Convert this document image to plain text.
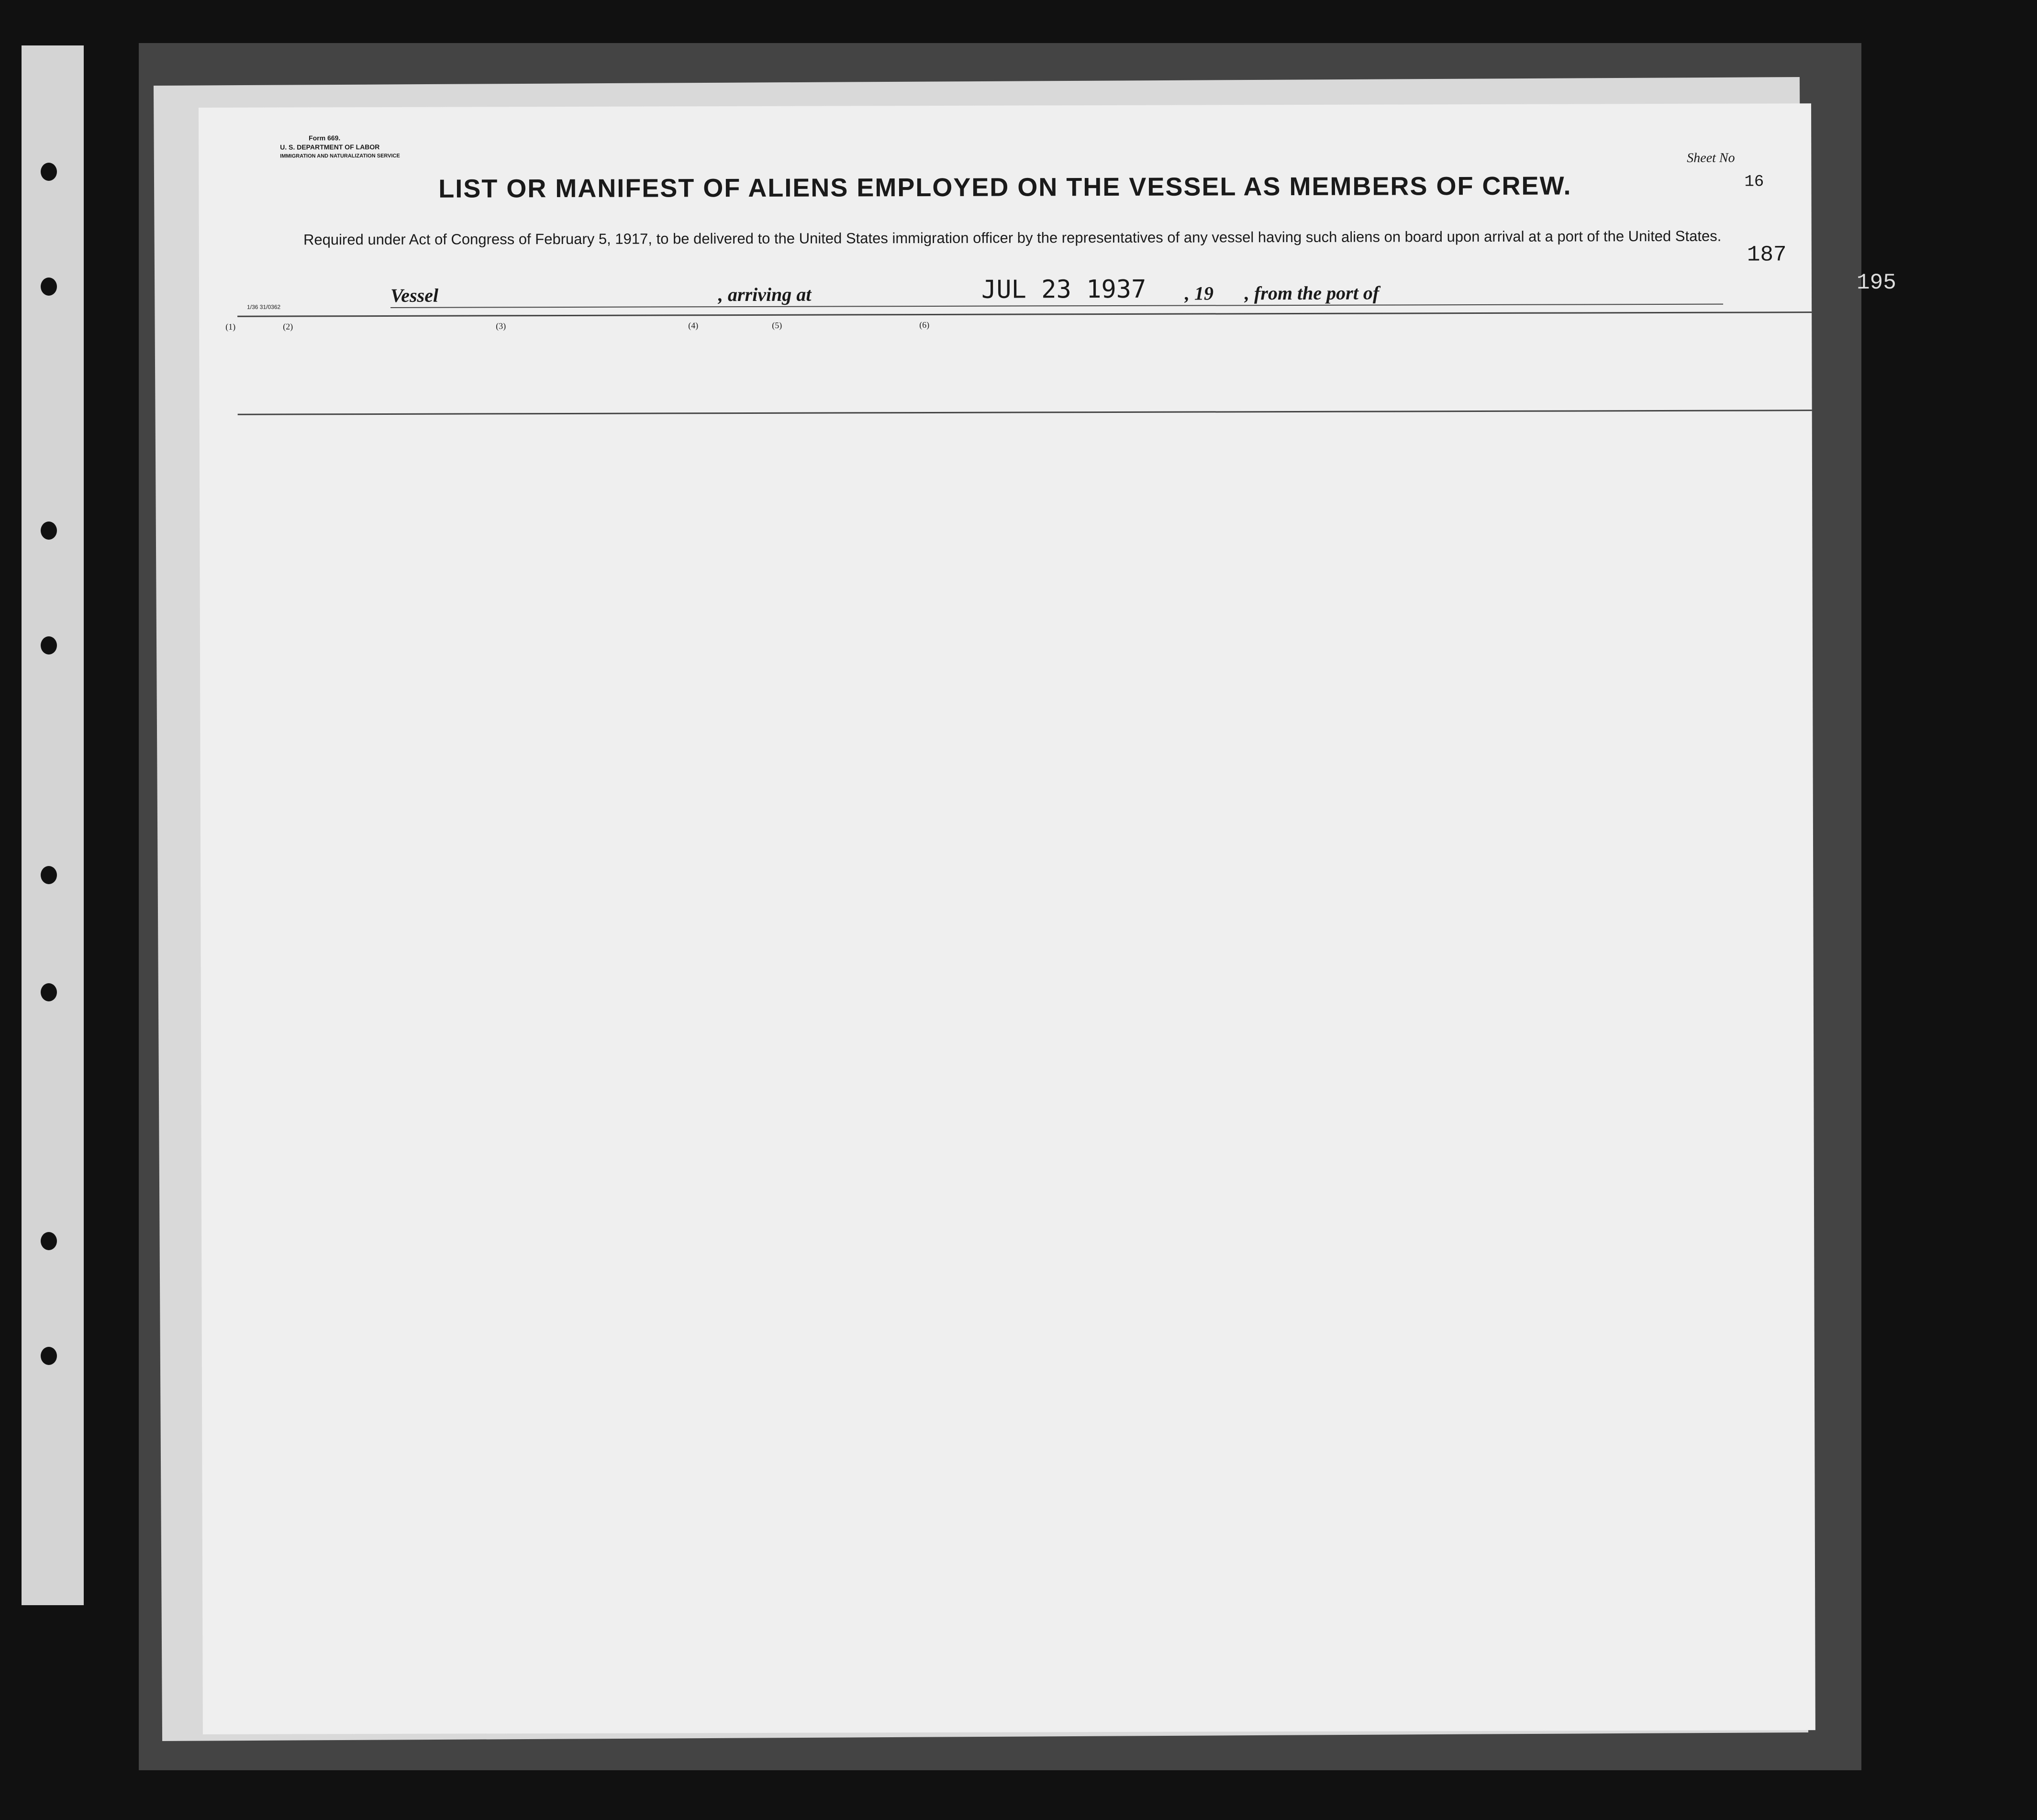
195
Form 669.
U. S. DEPARTMENT OF LABOR
IMMIGRATION AND NATURALIZATION SERVICE
1/36 31/0362
LIST OR MANIFEST OF ALIENS EMPLOYED ON THE VESSEL AS MEMBERS OF CREW.
Required under Act of Congress of February 5, 1917, to be delivered to the United States immigration officer by the representatives of any vessel having such aliens on board upon arrival at a port of the United States.
Sheet No
16
187
Vessel	, arriving at	JUL 23 1937 , 19 , from the port of
(1)	(2)	(3)	(4)	(5)	(6)
